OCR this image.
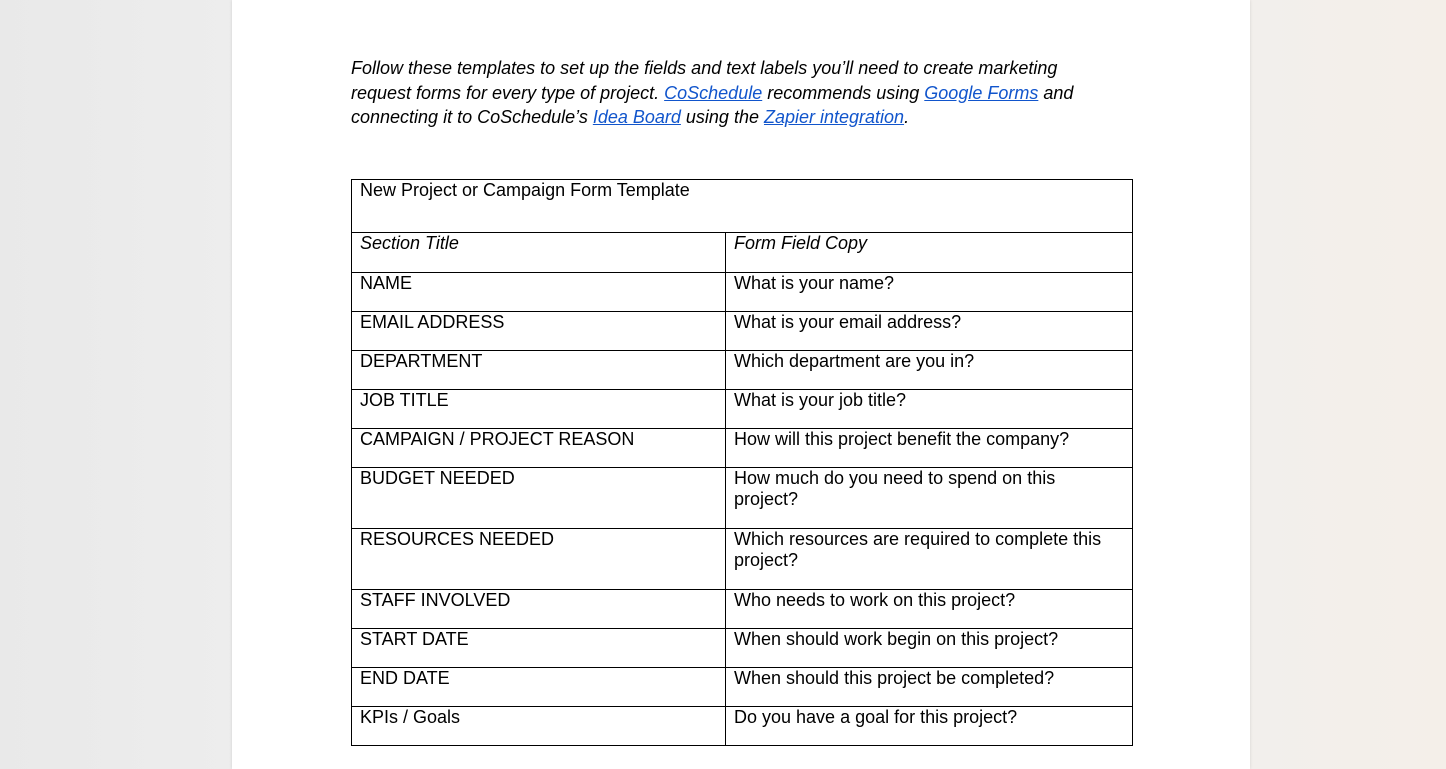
Follow these templates to set up the fields and text labels you’ll need to create marketing request forms for every type of project. CoSchedule recommends using Google Forms and connecting it to CoSchedule’s Idea Board using the Zapier integration.

New Project or Campaign Form Template	
Section Title	Form Field Copy
NAME	What is your name?
EMAIL ADDRESS	What is your email address?
DEPARTMENT	Which department are you in?
JOB TITLE	What is your job title?
CAMPAIGN / PROJECT REASON	How will this project benefit the company?
BUDGET NEEDED	How much do you need to spend on this project?
RESOURCES NEEDED	Which resources are required to complete this project?
STAFF INVOLVED	Who needs to work on this project?
START DATE	When should work begin on this project?
END DATE	When should this project be completed?
KPIs / Goals	Do you have a goal for this project?
